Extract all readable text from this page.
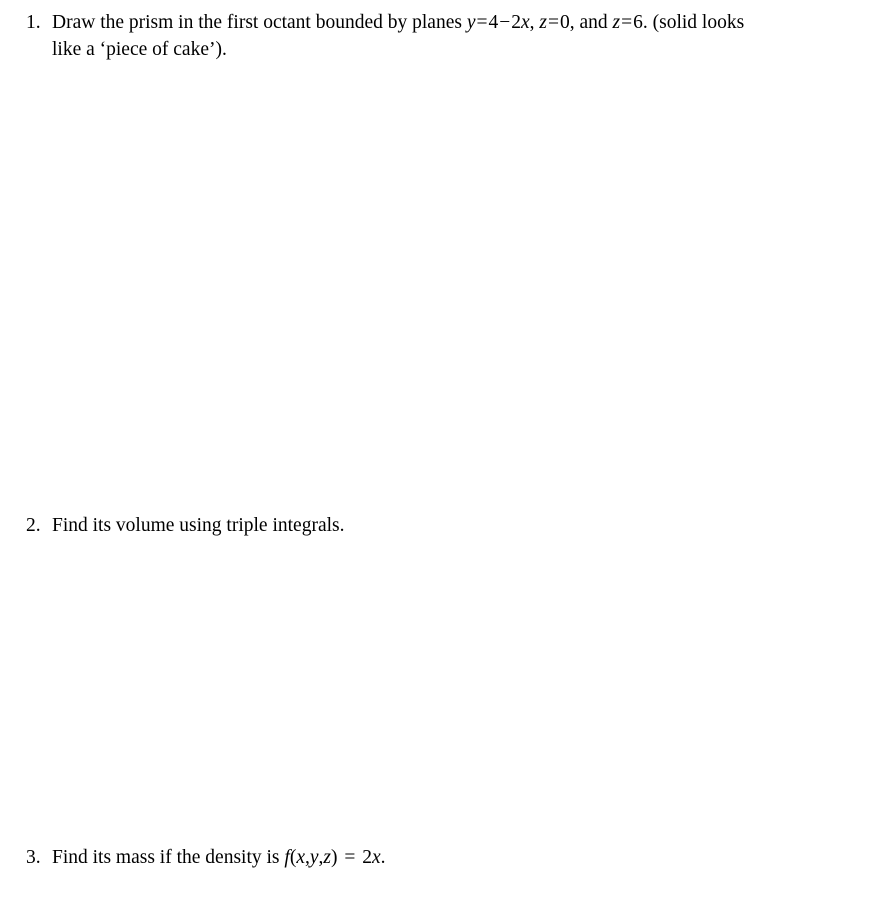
1. Draw the prism in the first octant bounded by planes y=4−2x, z=0, and z=6. (solid looks
like a ‘piece of cake’).
2. Find its volume using triple integrals.
3. Find its mass if the density is f(x,y,z) = 2x.
